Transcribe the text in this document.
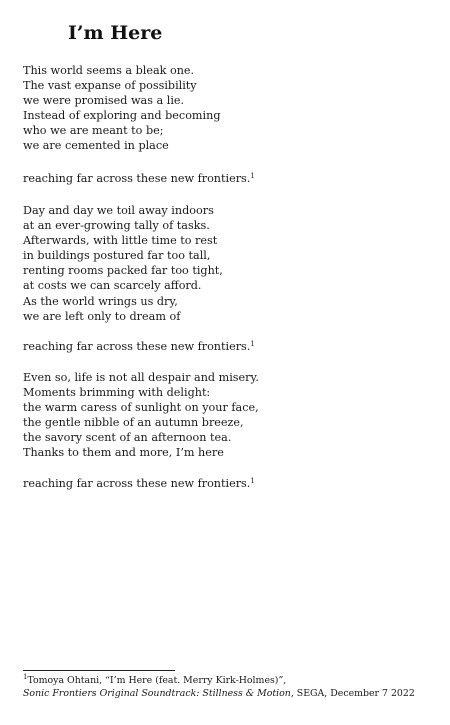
I’m Here

This world seems a bleak one.
The vast expanse of possibility
we were promised was a lie.
Instead of exploring and becoming
who we are meant to be;
we are cemented in place

reaching far across these new frontiers.$^1$

Day and day we toil away indoors
at an ever-growing tally of tasks.
Afterwards, with little time to rest
in buildings postured far too tall,
renting rooms packed far too tight,
at costs we can scarcely afford.
As the world wrings us dry,
we are left only to dream of

reaching far across these new frontiers.$^1$

Even so, life is not all despair and misery.
Moments brimming with delight:
the warm caress of sunlight on your face,
the gentle nibble of an autumn breeze,
the savory scent of an afternoon tea.
Thanks to them and more, I’m here

reaching far across these new frontiers.$^1$

$^1$Tomoya Ohtani, “I’m Here (feat. Merry Kirk-Holmes)”,
Sonic Frontiers Original Soundtrack: Stillness & Motion, SEGA, December 7 2022
